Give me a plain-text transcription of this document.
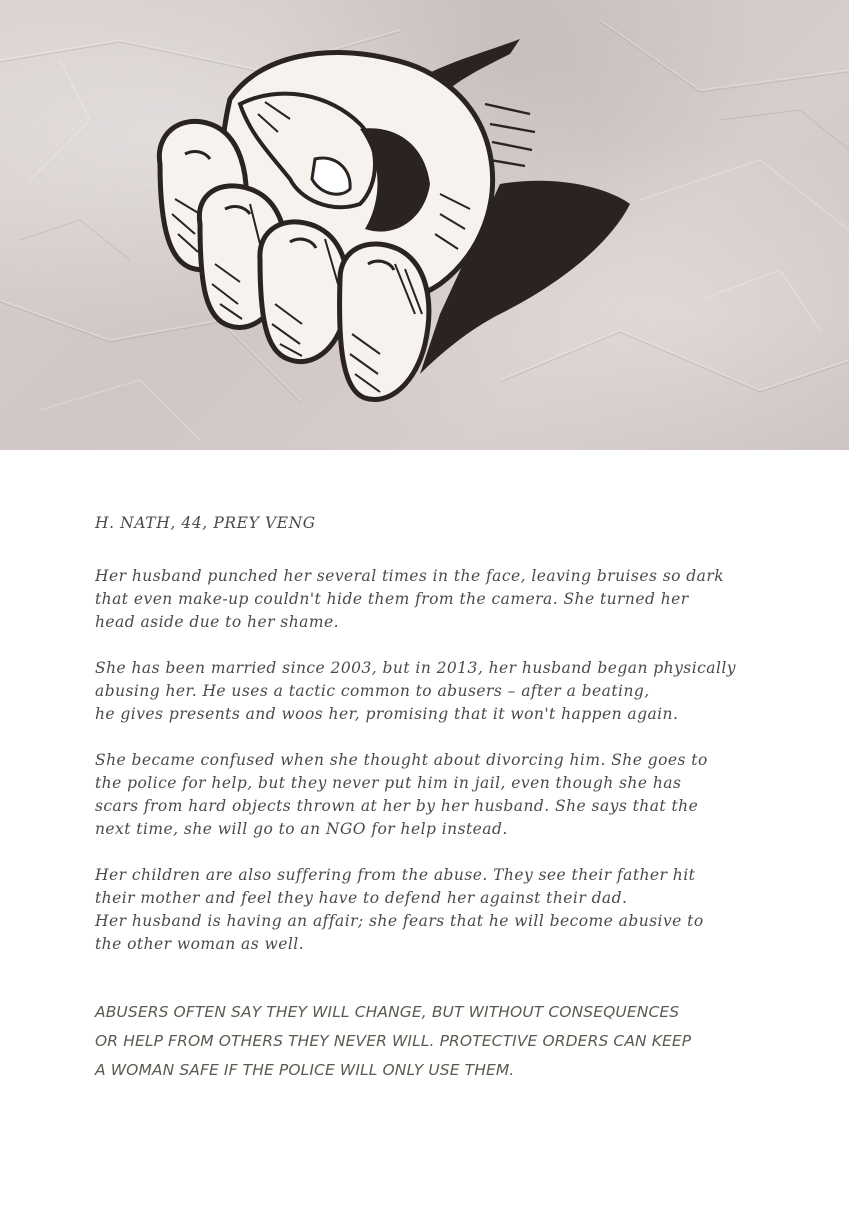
H. NATH, 44, PREY VENG

Her husband punched her several times in the face, leaving bruises so dark
that even make-up couldn't hide them from the camera. She turned her
head aside due to her shame.

She has been married since 2003, but in 2013, her husband began physically
abusing her. He uses a tactic common to abusers – after a beating,
he gives presents and woos her, promising that it won't happen again.

She became confused when she thought about divorcing him. She goes to
the police for help, but they never put him in jail, even though she has
scars from hard objects thrown at her by her husband. She says that the
next time, she will go to an NGO for help instead.

Her children are also suffering from the abuse. They see their father hit
their mother and feel they have to defend her against their dad.
Her husband is having an affair; she fears that he will become abusive to
the other woman as well.

ABUSERS OFTEN SAY THEY WILL CHANGE, BUT WITHOUT CONSEQUENCES
OR HELP FROM OTHERS THEY NEVER WILL. PROTECTIVE ORDERS CAN KEEP
A WOMAN SAFE IF THE POLICE WILL ONLY USE THEM.
